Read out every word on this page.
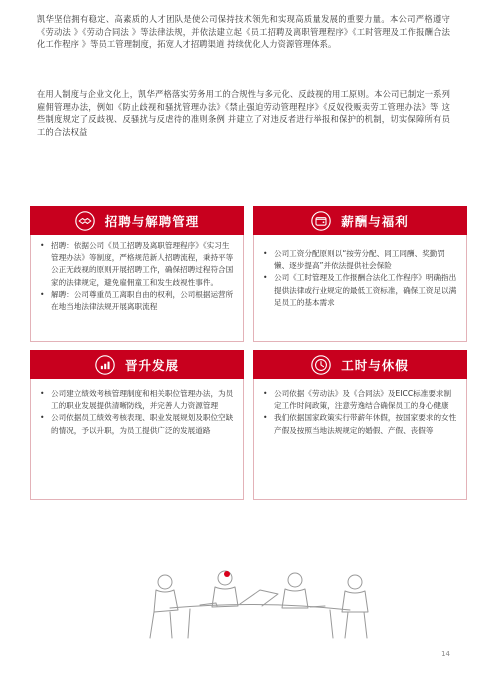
凯华坚信拥有稳定、高素质的人才团队是使公司保持技术领先和实现高质量发展的重要力量。本公司严格遵守《劳动法 》《劳动合同法 》等法律法规，并依法建立起《员工招聘及离职管理程序》《工时管理及工作报酬合法化工作程序 》等员工管理制度，拓宽人才招聘渠道 持续优化人力资源管理体系。

在用人制度与企业文化上，凯华严格落实劳务用工的合规性与多元化、反歧视的用工原则。本公司已制定一系列雇佣管理办法，例如《防止歧视和骚扰管理办法》《禁止强迫劳动管理程序》《反奴役贩卖劳工管理办法》等 这些制度规定了反歧视、反骚扰与反虐待的准则条例 并建立了对违反者进行举报和保护的机制，切实保障所有员工的合法权益

招聘与解聘管理
• 招聘：依据公司《员工招聘及离职管理程序》《实习生管理办法》等制度，严格规范新人招聘流程，秉持平等公正无歧视的原则开展招聘工作，确保招聘过程符合国家的法律规定，避免雇佣童工和发生歧视性事件。
• 解聘：公司尊重员工离职自由的权利，公司根据运营所在地当地法律法规开展离职流程
薪酬与福利
• 公司工资分配原则以“按劳分配、同工同酬、奖勤罚懒、逐步提高”并依法提供社会保险
• 公司《工时管理及工作报酬合法化工作程序》明确指出提供法律或行业规定的最低工资标准，确保工资足以满足员工的基本需求
晋升发展
• 公司建立绩效考核管理制度和相关职位管理办法，为员工的职业发展提供清晰防线，并完善人力资源管理
• 公司依据员工绩效考核表现、职业发展规划及职位空缺的情况，予以升职，为员工提供广泛的发展道路
工时与休假
• 公司依据《劳动法》及《合同法》及EICC标准要求制定工作时间政策，注意劳逸结合确保员工的身心健康
• 我们依据国家政策实行带薪年休假，按国家要求的女性产假及按照当地法规规定的婚假、产假、丧假等
14
